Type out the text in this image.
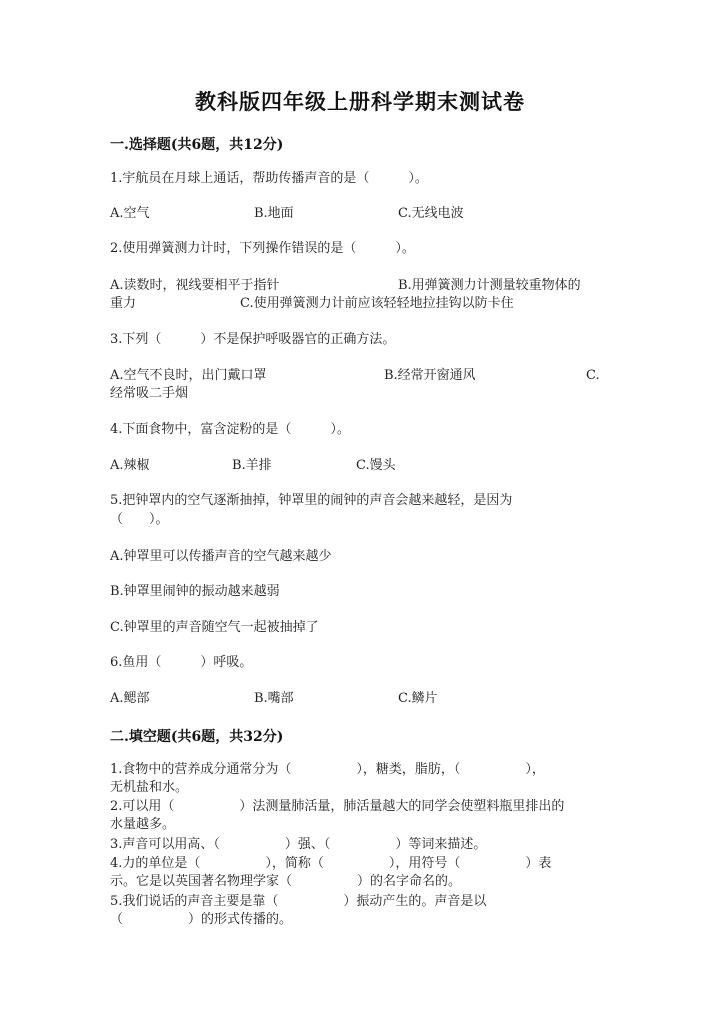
教科版四年级上册科学期末测试卷
一.选择题(共6题，共12分)
1.宇航员在月球上通话，帮助传播声音的是（　　　）。
A.空气	B.地面	C.无线电波
2.使用弹簧测力计时，下列操作错误的是（　　　）。
A.读数时，视线要相平于指针	B.用弹簧测力计测量较重物体的
重力	C.使用弹簧测力计前应该轻轻地拉挂钩以防卡住
3.下列（　　　）不是保护呼吸器官的正确方法。
A.空气不良时，出门戴口罩	B.经常开窗通风	C.
经常吸二手烟
4.下面食物中，富含淀粉的是（　　　）。
A.辣椒	B.羊排	C.馒头
5.把钟罩内的空气逐渐抽掉，钟罩里的闹钟的声音会越来越轻，是因为
（　　）。
A.钟罩里可以传播声音的空气越来越少
B.钟罩里闹钟的振动越来越弱
C.钟罩里的声音随空气一起被抽掉了
6.鱼用（　　　）呼吸。
A.鳃部	B.嘴部	C.鳞片
二.填空题(共6题，共32分)
1.食物中的营养成分通常分为（　　　　　），糖类，脂肪，（　　　　　），
无机盐和水。
2.可以用（　　　　　）法测量肺活量，肺活量越大的同学会使塑料瓶里排出的
水量越多。
3.声音可以用高、（　　　　　）强、（　　　　　）等词来描述。
4.力的单位是（　　　　　），简称（　　　　　），用符号（　　　　　）表
示。它是以英国著名物理学家（　　　　　）的名字命名的。
5.我们说话的声音主要是靠（　　　　　）振动产生的。声音是以
（　　　　　）的形式传播的。
